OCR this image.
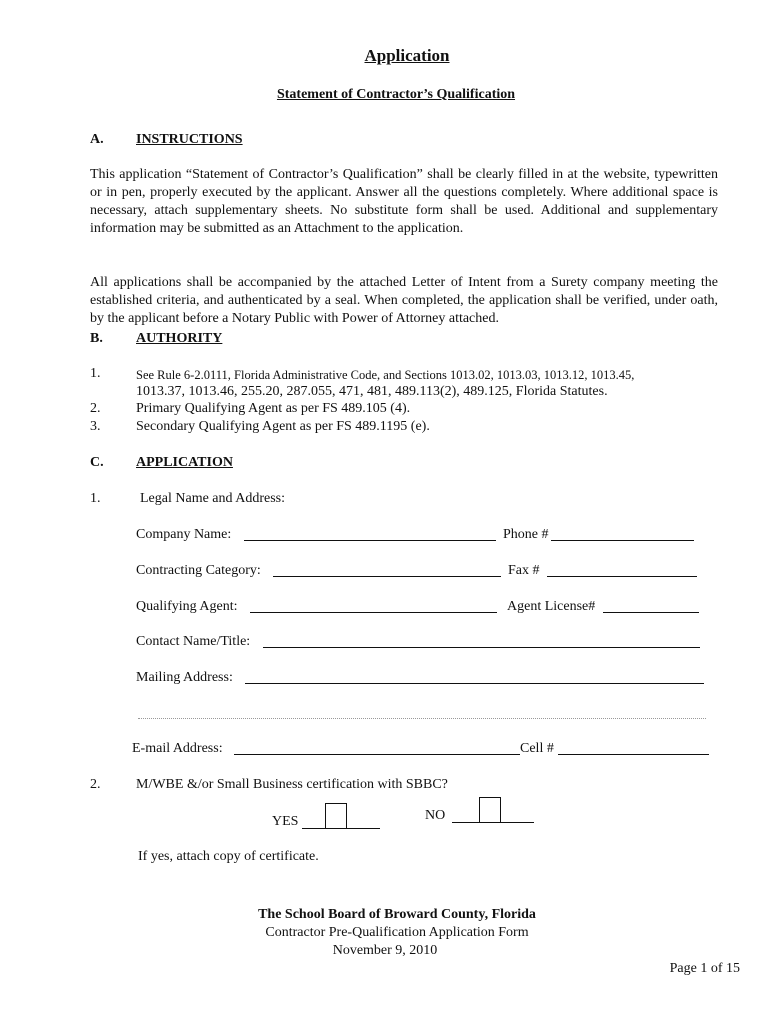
Application
Statement of Contractor’s Qualification
A. INSTRUCTIONS
This application “Statement of Contractor’s Qualification” shall be clearly filled in at the website, typewritten or in pen, properly executed by the applicant. Answer all the questions completely. Where additional space is necessary, attach supplementary sheets. No substitute form shall be used. Additional and supplementary information may be submitted as an Attachment to the application.
All applications shall be accompanied by the attached Letter of Intent from a Surety company meeting the established criteria, and authenticated by a seal. When completed, the application shall be verified, under oath, by the applicant before a Notary Public with Power of Attorney attached.
B. AUTHORITY
1.	See Rule 6-2.0111, Florida Administrative Code, and Sections 1013.02, 1013.03, 1013.12, 1013.45,
1013.37, 1013.46, 255.20, 287.055, 471, 481, 489.113(2), 489.125, Florida Statutes.
2.	Primary Qualifying Agent as per FS 489.105 (4).
3.	Secondary Qualifying Agent as per FS 489.1195 (e).
C. APPLICATION
1.	Legal Name and Address:
Company Name:	Phone #
Contracting Category:	Fax #
Qualifying Agent:	Agent License#
Contact Name/Title:
Mailing Address:
E-mail Address:	Cell #
2.	M/WBE &/or Small Business certification with SBBC?
YES	NO
If yes, attach copy of certificate.
The School Board of Broward County, Florida
Contractor Pre-Qualification Application Form
November 9, 2010
Page 1 of 15
